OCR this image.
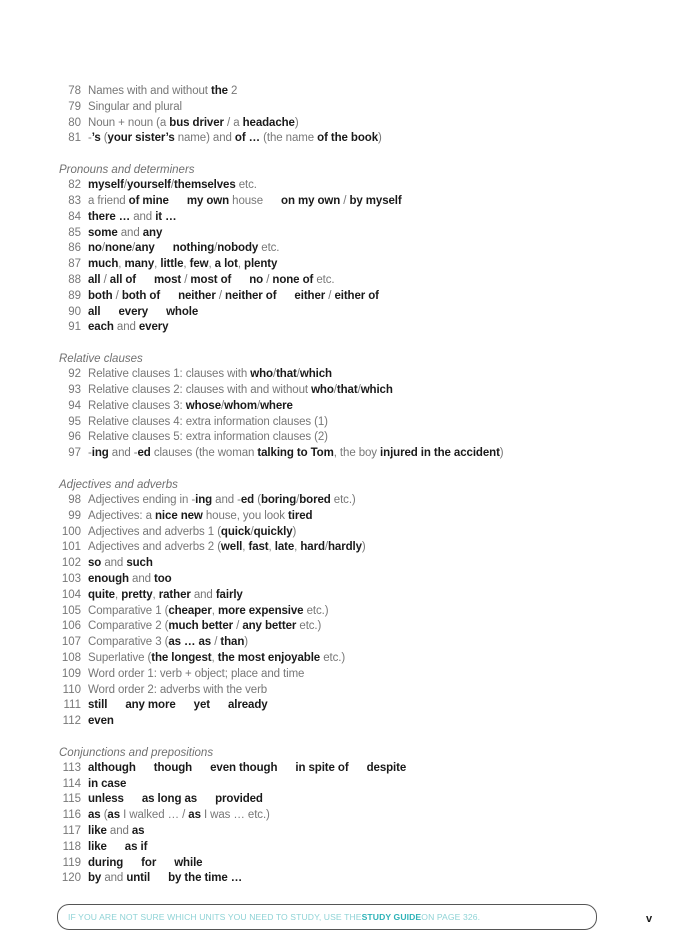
78 Names with and without the 2
79 Singular and plural
80 Noun + noun (a bus driver / a headache)
81 -’s (your sister’s name) and of … (the name of the book)
Pronouns and determiners
82 myself/yourself/themselves etc.
83 a friend of mine my own house on my own / by myself
84 there … and it …
85 some and any
86 no/none/any nothing/nobody etc.
87 much, many, little, few, a lot, plenty
88 all / all of most / most of no / none of etc.
89 both / both of neither / neither of either / either of
90 all every whole
91 each and every
Relative clauses
92 Relative clauses 1: clauses with who/that/which
93 Relative clauses 2: clauses with and without who/that/which
94 Relative clauses 3: whose/whom/where
95 Relative clauses 4: extra information clauses (1)
96 Relative clauses 5: extra information clauses (2)
97 -ing and -ed clauses (the woman talking to Tom, the boy injured in the accident)
Adjectives and adverbs
98 Adjectives ending in -ing and -ed (boring/bored etc.)
99 Adjectives: a nice new house, you look tired
100 Adjectives and adverbs 1 (quick/quickly)
101 Adjectives and adverbs 2 (well, fast, late, hard/hardly)
102 so and such
103 enough and too
104 quite, pretty, rather and fairly
105 Comparative 1 (cheaper, more expensive etc.)
106 Comparative 2 (much better / any better etc.)
107 Comparative 3 (as … as / than)
108 Superlative (the longest, the most enjoyable etc.)
109 Word order 1: verb + object; place and time
110 Word order 2: adverbs with the verb
111 still any more yet already
112 even
Conjunctions and prepositions
113 although though even though in spite of despite
114 in case
115 unless as long as provided
116 as (as I walked … / as I was … etc.)
117 like and as
118 like as if
119 during for while
120 by and until by the time …
IF YOU ARE NOT SURE WHICH UNITS YOU NEED TO STUDY, USE THE STUDY GUIDE ON PAGE 326.	v
